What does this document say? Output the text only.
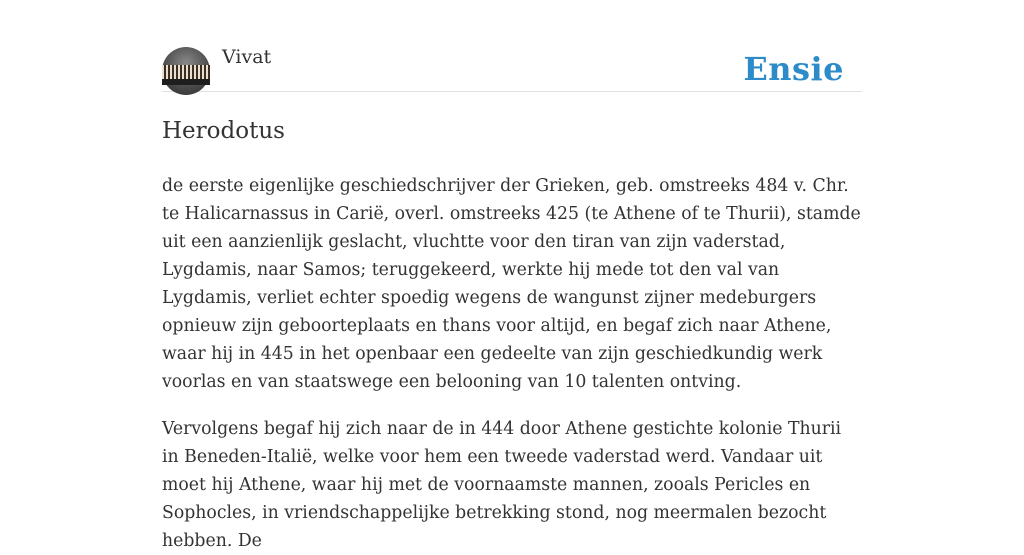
Vivat	Ensie
Herodotus

de eerste eigenlijke geschiedschrijver der Grieken, geb. omstreeks 484 v. Chr. te Halicarnassus in Carië, overl. omstreeks 425 (te Athene of te Thurii), stamde uit een aanzienlijk geslacht, vluchtte voor den tiran van zijn vaderstad, Lygdamis, naar Samos; teruggekeerd, werkte hij mede tot den val van Lygdamis, verliet echter spoedig wegens de wangunst zijner medeburgers opnieuw zijn geboorteplaats en thans voor altijd, en begaf zich naar Athene, waar hij in 445 in het openbaar een gedeelte van zijn geschiedkundig werk voorlas en van staatswege een belooning van 10 talenten ontving.

Vervolgens begaf hij zich naar de in 444 door Athene gestichte kolonie Thurii in Beneden-Italië, welke voor hem een tweede vaderstad werd. Vandaar uit moet hij Athene, waar hij met de voornaamste mannen, zooals Pericles en Sophocles, in vriendschappelijke betrekking stond, nog meermalen bezocht hebben. De
